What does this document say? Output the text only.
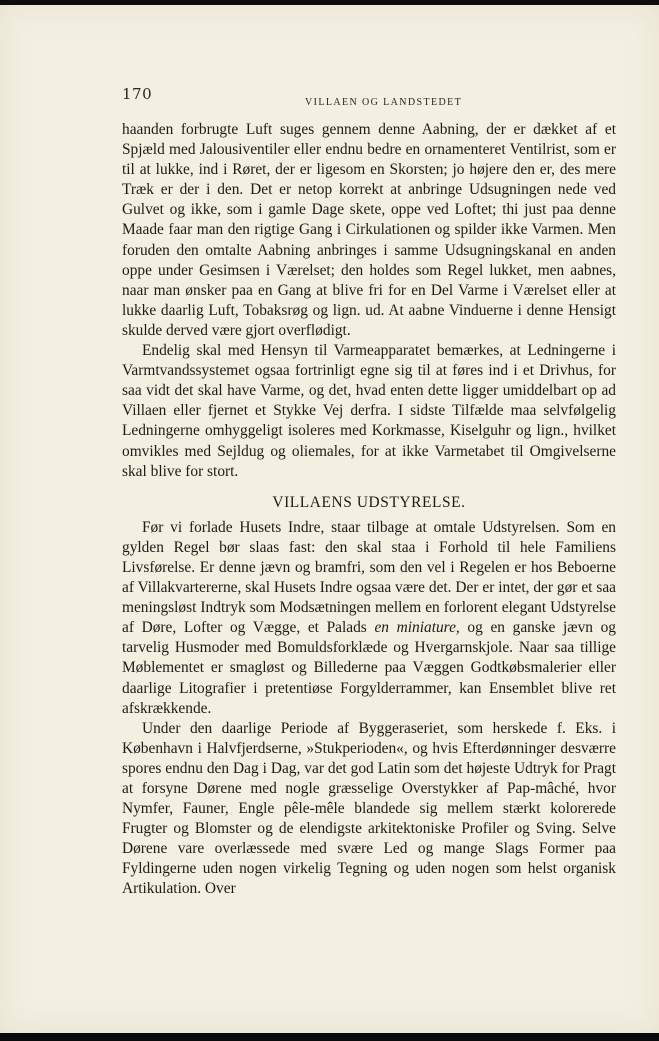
170	VILLAEN OG LANDSTEDET

haanden forbrugte Luft suges gennem denne Aabning, der er dækket af et Spjæld med Jalousiventiler eller endnu bedre en ornamenteret Ventilrist, som er til at lukke, ind i Røret, der er ligesom en Skorsten; jo højere den er, des mere Træk er der i den. Det er netop korrekt at anbringe Udsugningen nede ved Gulvet og ikke, som i gamle Dage skete, oppe ved Loftet; thi just paa denne Maade faar man den rigtige Gang i Cirkulationen og spilder ikke Varmen. Men foruden den omtalte Aabning anbringes i samme Udsugningskanal en anden oppe under Gesimsen i Værelset; den holdes som Regel lukket, men aabnes, naar man ønsker paa en Gang at blive fri for en Del Varme i Værelset eller at lukke daarlig Luft, Tobaksrøg og lign. ud. At aabne Vinduerne i denne Hensigt skulde derved være gjort overflødigt.

Endelig skal med Hensyn til Varmeapparatet bemærkes, at Ledningerne i Varmtvandssystemet ogsaa fortrinligt egne sig til at føres ind i et Drivhus, for saa vidt det skal have Varme, og det, hvad enten dette ligger umiddelbart op ad Villaen eller fjernet et Stykke Vej derfra. I sidste Tilfælde maa selvfølgelig Ledningerne omhyggeligt isoleres med Korkmasse, Kiselguhr og lign., hvilket omvikles med Sejldug og oliemales, for at ikke Varmetabet til Omgivelserne skal blive for stort.

VILLAENS UDSTYRELSE.

Før vi forlade Husets Indre, staar tilbage at omtale Udstyrelsen. Som en gylden Regel bør slaas fast: den skal staa i Forhold til hele Familiens Livsførelse. Er denne jævn og bramfri, som den vel i Regelen er hos Beboerne af Villakvartererne, skal Husets Indre ogsaa være det. Der er intet, der gør et saa meningsløst Indtryk som Modsætningen mellem en forlorent elegant Udstyrelse af Døre, Lofter og Vægge, et Palads en miniature, og en ganske jævn og tarvelig Husmoder med Bomuldsforklæde og Hvergarnskjole. Naar saa tillige Møblementet er smagløst og Billederne paa Væggen Godtkøbsmalerier eller daarlige Litografier i pretentiøse Forgylderrammer, kan Ensemblet blive ret afskrækkende.

Under den daarlige Periode af Byggeraseriet, som herskede f. Eks. i København i Halvfjerdserne, »Stukperioden«, og hvis Efterdønninger desværre spores endnu den Dag i Dag, var det god Latin som det højeste Udtryk for Pragt at forsyne Dørene med nogle græsselige Overstykker af Pap-mâché, hvor Nymfer, Fauner, Engle pêle-mêle blandede sig mellem stærkt kolorerede Frugter og Blomster og de elendigste arkitektoniske Profiler og Sving. Selve Dørene vare overlæssede med svære Led og mange Slags Former paa Fyldingerne uden nogen virkelig Tegning og uden nogen som helst organisk Artikulation. Over
